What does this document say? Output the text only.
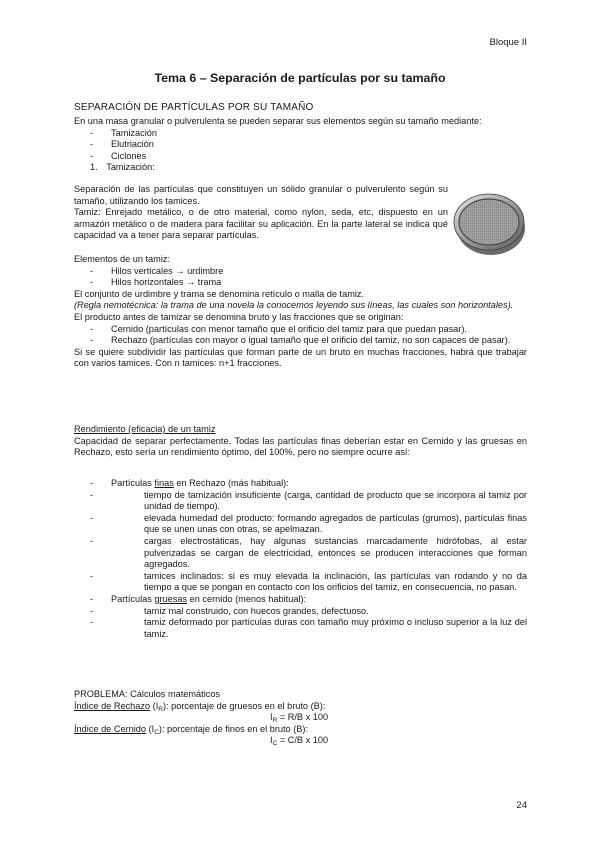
Bloque II
Tema 6 – Separación de partículas por su tamaño
SEPARACIÓN DE PARTÍCULAS POR SU TAMAÑO

En una masa granular o pulverulenta se pueden separar sus elementos según su tamaño mediante:

- Tamización
- Elutriación
- Ciclones
1. Tamización:

Separación de las partículas que constituyen un sólido granular o pulverulento según su tamaño, utilizando los tamices.

Tamiz: Enrejado metálico, o de otro material, como nylon, seda, etc, dispuesto en un armazón metálico o de madera para facilitar su aplicación. En la parte lateral se indica qué capacidad va a tener para separar partículas.

Elementos de un tamiz:

- Hilos verticales → urdimbre
- Hilos horizontales → trama

El conjunto de urdimbre y trama se denomina retículo o malla de tamiz.

(Regla nemotécnica: la trama de una novela la conocemos leyendo sus líneas, las cuales son horizontales).

El producto antes de tamizar se denomina bruto y las fracciones que se originan:

- Cernido (partículas con menor tamaño que el orificio del tamiz para que puedan pasar).
- Rechazo (partículas con mayor o igual tamaño que el orificio del tamiz, no son capaces de pasar).

Si se quiere subdividir las partículas que forman parte de un bruto en muchas fracciones, habrá que trabajar con varios tamices. Con n tamices: n+1 fracciones.

Rendimiento (eficacia) de un tamiz

Capacidad de separar perfectamente. Todas las partículas finas deberían estar en Cernido y las gruesas en Rechazo, esto sería un rendimiento óptimo, del 100%, pero no siempre ocurre así:

- Partículas finas en Rechazo (más habitual):
- tiempo de tamización insuficiente (carga, cantidad de producto que se incorpora al tamiz por unidad de tiempo).
- elevada humedad del producto: formando agregados de partículas (grumos), partículas finas que se unen unas con otras, se apelmazan.
- cargas electrostáticas, hay algunas sustancias marcadamente hidrófobas, al estar pulverizadas se cargan de electricidad, entonces se producen interacciones que forman agregados.
- tamices inclinados: si es muy elevada la inclinación, las partículas van rodando y no da tiempo a que se pongan en contacto con los orificios del tamiz, en consecuencia, no pasan.
- Partículas gruesas en cernido (menos habitual):
- tamiz mal construido, con huecos grandes, defectuoso.
- tamiz deformado por partículas duras con tamaño muy próximo o incluso superior a la luz del tamiz.

PROBLEMA: Cálculos matemáticos

Índice de Rechazo $(I_R)$: porcentaje de gruesos en el bruto (B):

$I_R = R/B$ x 100

Índice de Cernido $(I_C)$: porcentaje de finos en el bruto (B):

$I_C = C/B$ x 100

24
